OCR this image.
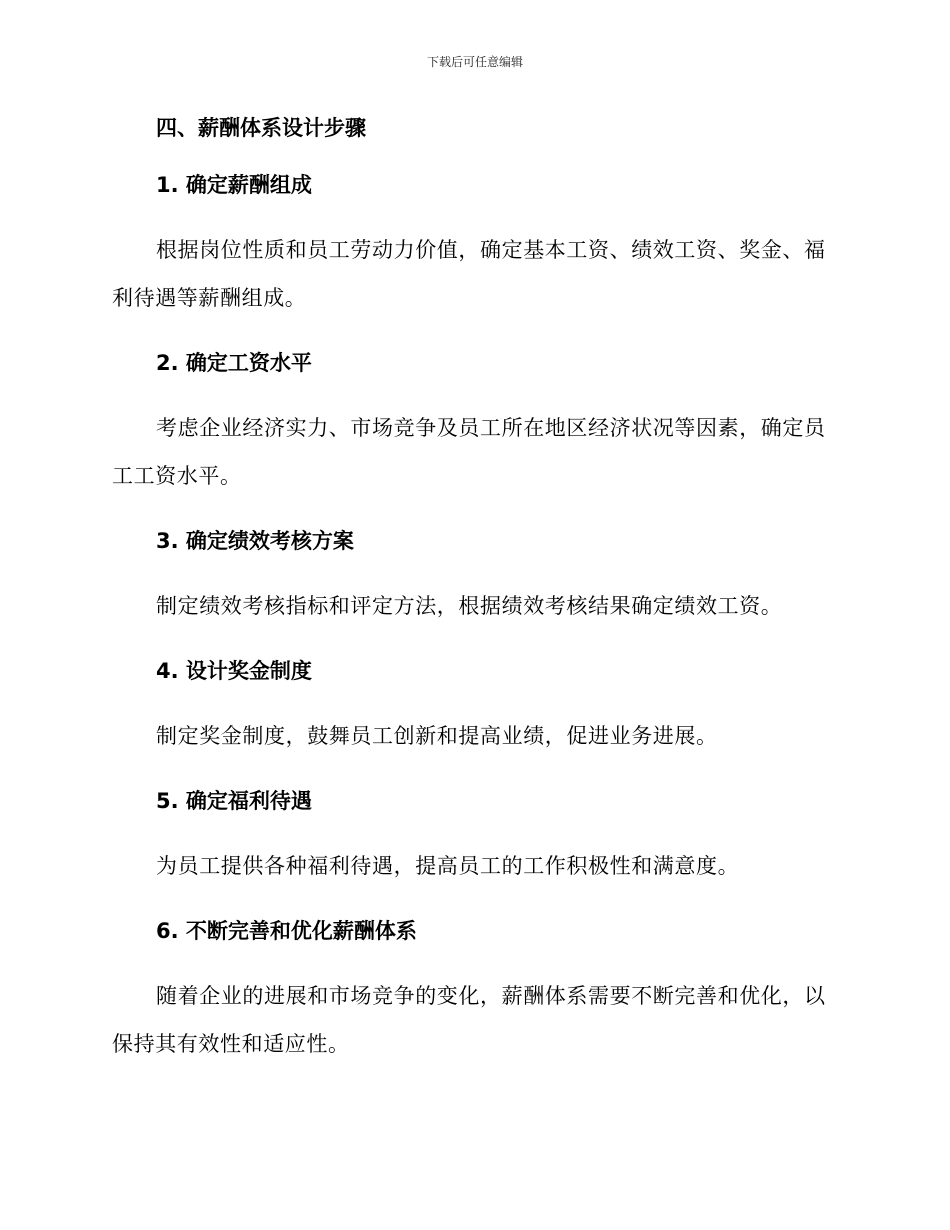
下载后可任意编辑
四、薪酬体系设计步骤
1. 确定薪酬组成
根据岗位性质和员工劳动力价值，确定基本工资、绩效工资、奖金、福利待遇等薪酬组成。
2. 确定工资水平
考虑企业经济实力、市场竞争及员工所在地区经济状况等因素，确定员工工资水平。
3. 确定绩效考核方案
制定绩效考核指标和评定方法，根据绩效考核结果确定绩效工资。
4. 设计奖金制度
制定奖金制度，鼓舞员工创新和提高业绩，促进业务进展。
5. 确定福利待遇
为员工提供各种福利待遇，提高员工的工作积极性和满意度。
6. 不断完善和优化薪酬体系
随着企业的进展和市场竞争的变化，薪酬体系需要不断完善和优化，以保持其有效性和适应性。
